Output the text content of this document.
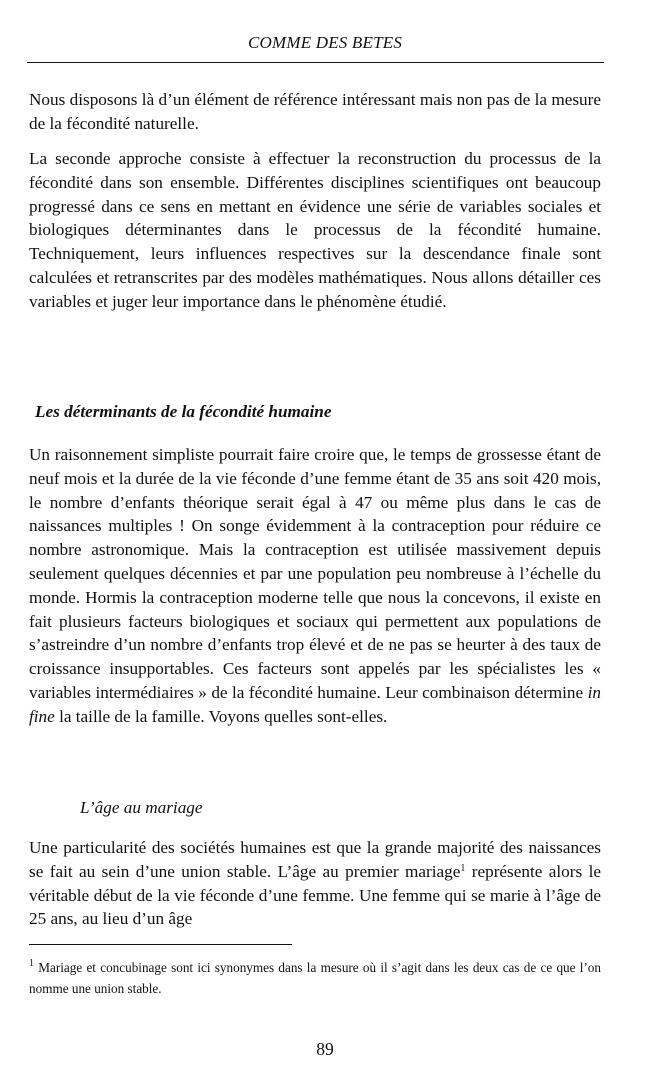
COMME DES BETES

Nous disposons là d’un élément de référence intéressant mais non pas de la mesure de la fécondité naturelle.

La seconde approche consiste à effectuer la reconstruction du processus de la fécondité dans son ensemble. Différentes disciplines scientifiques ont beaucoup progressé dans ce sens en mettant en évidence une série de variables sociales et biologiques déterminantes dans le processus de la fécondité humaine. Techniquement, leurs influences respectives sur la descendance finale sont calculées et retranscrites par des modèles mathématiques. Nous allons détailler ces variables et juger leur importance dans le phénomène étudié.

Les déterminants de la fécondité humaine

Un raisonnement simpliste pourrait faire croire que, le temps de grossesse étant de neuf mois et la durée de la vie féconde d’une femme étant de 35 ans soit 420 mois, le nombre d’enfants théorique serait égal à 47 ou même plus dans le cas de naissances multiples ! On songe évidemment à la contraception pour réduire ce nombre astronomique. Mais la contraception est utilisée massivement depuis seulement quelques décennies et par une population peu nombreuse à l’échelle du monde. Hormis la contraception moderne telle que nous la concevons, il existe en fait plusieurs facteurs biologiques et sociaux qui permettent aux populations de s’astreindre d’un nombre d’enfants trop élevé et de ne pas se heurter à des taux de croissance insupportables. Ces facteurs sont appelés par les spécialistes les « variables intermédiaires » de la fécondité humaine. Leur combinaison détermine in fine la taille de la famille. Voyons quelles sont-elles.

L’âge au mariage

Une particularité des sociétés humaines est que la grande majorité des naissances se fait au sein d’une union stable. L’âge au premier mariage$^1$ représente alors le véritable début de la vie féconde d’une femme. Une femme qui se marie à l’âge de 25 ans, au lieu d’un âge

$^1$ Mariage et concubinage sont ici synonymes dans la mesure où il s’agit dans les deux cas de ce que l’on nomme une union stable.

89
